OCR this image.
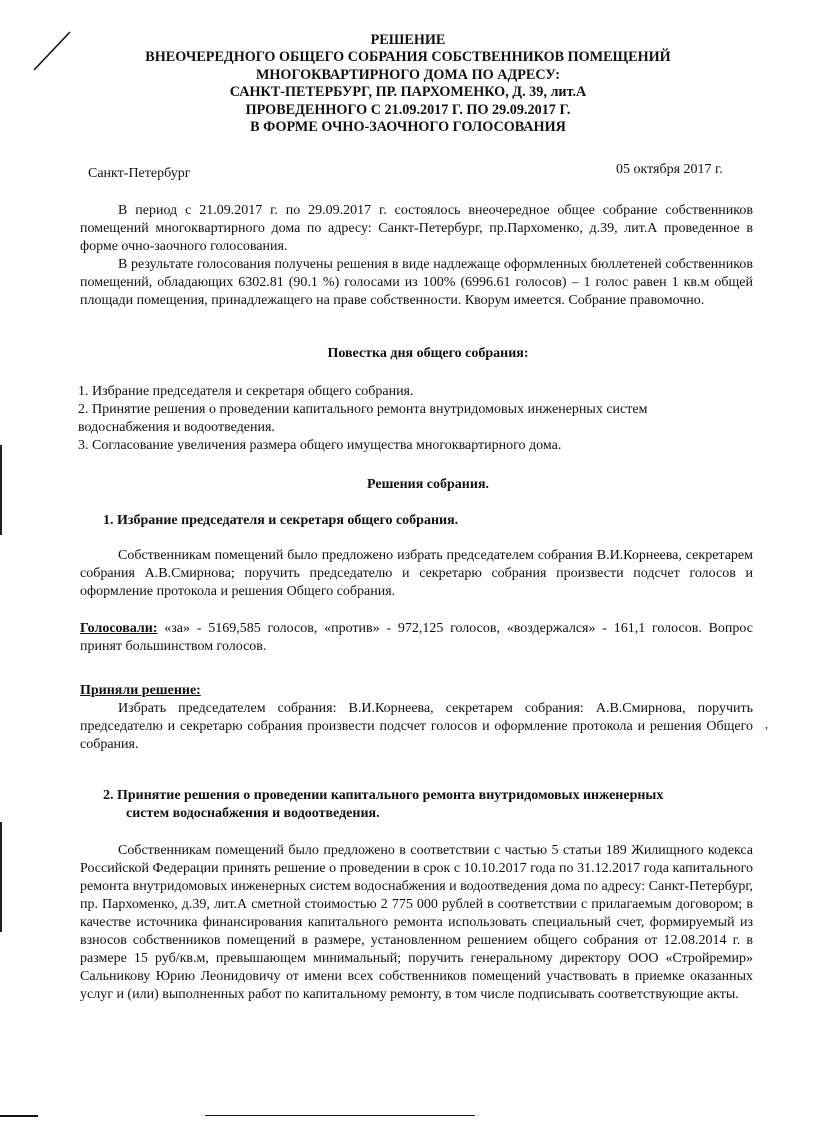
РЕШЕНИЕ
ВНЕОЧЕРЕДНОГО ОБЩЕГО СОБРАНИЯ СОБСТВЕННИКОВ ПОМЕЩЕНИЙ
МНОГОКВАРТИРНОГО ДОМА ПО АДРЕСУ:
САНКТ-ПЕТЕРБУРГ, ПР. ПАРХОМЕНКО, Д. 39, лит.А
ПРОВЕДЕННОГО С 21.09.2017 Г. ПО 29.09.2017 Г.
В ФОРМЕ ОЧНО-ЗАОЧНОГО ГОЛОСОВАНИЯ
Санкт-Петербург	05 октября 2017 г.
В период с 21.09.2017 г. по 29.09.2017 г. состоялось внеочередное общее собрание собственников помещений многоквартирного дома по адресу: Санкт-Петербург, пр.Пархоменко, д.39, лит.А проведенное в форме очно-заочного голосования.
В результате голосования получены решения в виде надлежаще оформленных бюллетеней собственников помещений, обладающих 6302.81 (90.1 %) голосами из 100% (6996.61 голосов) – 1 голос равен 1 кв.м общей площади помещения, принадлежащего на праве собственности. Кворум имеется. Собрание правомочно.
Повестка дня общего собрания:
1. Избрание председателя и секретаря общего собрания.
2. Принятие решения о проведении капитального ремонта внутридомовых инженерных систем
водоснабжения и водоотведения.
3. Согласование увеличения размера общего имущества многоквартирного дома.
Решения собрания.
1. Избрание председателя и секретаря общего собрания.
Собственникам помещений было предложено избрать председателем собрания В.И.Корнеева, секретарем собрания А.В.Смирнова; поручить председателю и секретарю собрания произвести подсчет голосов и оформление протокола и решения Общего собрания.
Голосовали: «за» - 5169,585 голосов, «против» - 972,125 голосов, «воздержался» - 161,1 голосов. Вопрос принят большинством голосов.
Приняли решение:
Избрать председателем собрания: В.И.Корнеева, секретарем собрания: А.В.Смирнова, поручить председателю и секретарю собрания произвести подсчет голосов и оформление протокола и решения Общего собрания.
2. Принятие решения о проведении капитального ремонта внутридомовых инженерных
систем водоснабжения и водоотведения.
Собственникам помещений было предложено в соответствии с частью 5 статьи 189 Жилищного кодекса Российской Федерации принять решение о проведении в срок с 10.10.2017 года по 31.12.2017 года капитального ремонта внутридомовых инженерных систем водоснабжения и водоотведения дома по адресу: Санкт-Петербург, пр. Пархоменко, д.39, лит.А сметной стоимостью 2 775 000 рублей в соответствии с прилагаемым договором; в качестве источника финансирования капитального ремонта использовать специальный счет, формируемый из взносов собственников помещений в размере, установленном решением общего собрания от 12.08.2014 г. в размере 15 руб/кв.м, превышающем минимальный; поручить генеральному директору ООО «Стройремир» Сальникову Юрию Леонидовичу от имени всех собственников помещений участвовать в приемке оказанных услуг и (или) выполненных работ по капитальному ремонту, в том числе подписывать соответствующие акты.
,
